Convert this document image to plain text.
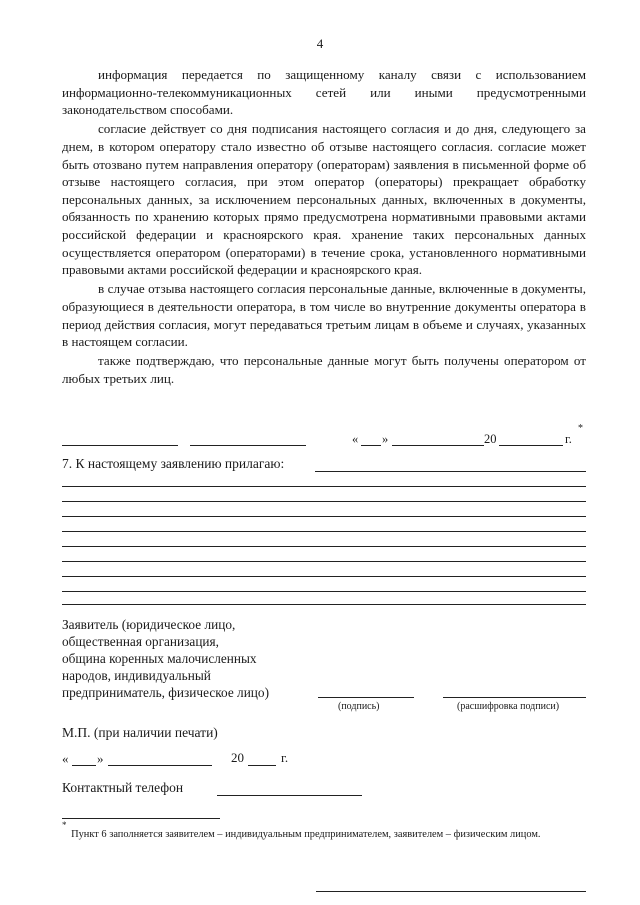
4

информация передается по защищенному каналу связи с использованием информационно-телекоммуникационных сетей или иными предусмотренными законодательством способами.

согласие действует со дня подписания настоящего согласия и до дня, следующего за днем, в котором оператору стало известно об отзыве настоящего согласия. согласие может быть отозвано путем направления оператору (операторам) заявления в письменной форме об отзыве настоящего согласия, при этом оператор (операторы) прекращает обработку персональных данных, за исключением персональных данных, включенных в документы, обязанность по хранению которых прямо предусмотрена нормативными правовыми актами российской федерации и красноярского края. хранение таких персональных данных осуществляется оператором (операторами) в течение срока, установленного нормативными правовыми актами российской федерации и красноярского края.

в случае отзыва настоящего согласия персональные данные, включенные в документы, образующиеся в деятельности оператора, в том числе во внутренние документы оператора в период действия согласия, могут передаваться третьим лицам в объеме и случаях, указанных в настоящем согласии.

также подтверждаю, что персональные данные могут быть получены оператором от любых третьих лиц.

« »	20	г.
*
7. К настоящему заявлению прилагаю:
Заявитель (юридическое лицо,
общественная организация,
община коренных малочисленных
народов, индивидуальный
предприниматель, физическое лицо)
(подпись)	(расшифровка подписи)
М.П. (при наличии печати)
« »	20	г.
Контактный телефон
* Пункт 6 заполняется заявителем – индивидуальным предпринимателем, заявителем – физическим лицом.
